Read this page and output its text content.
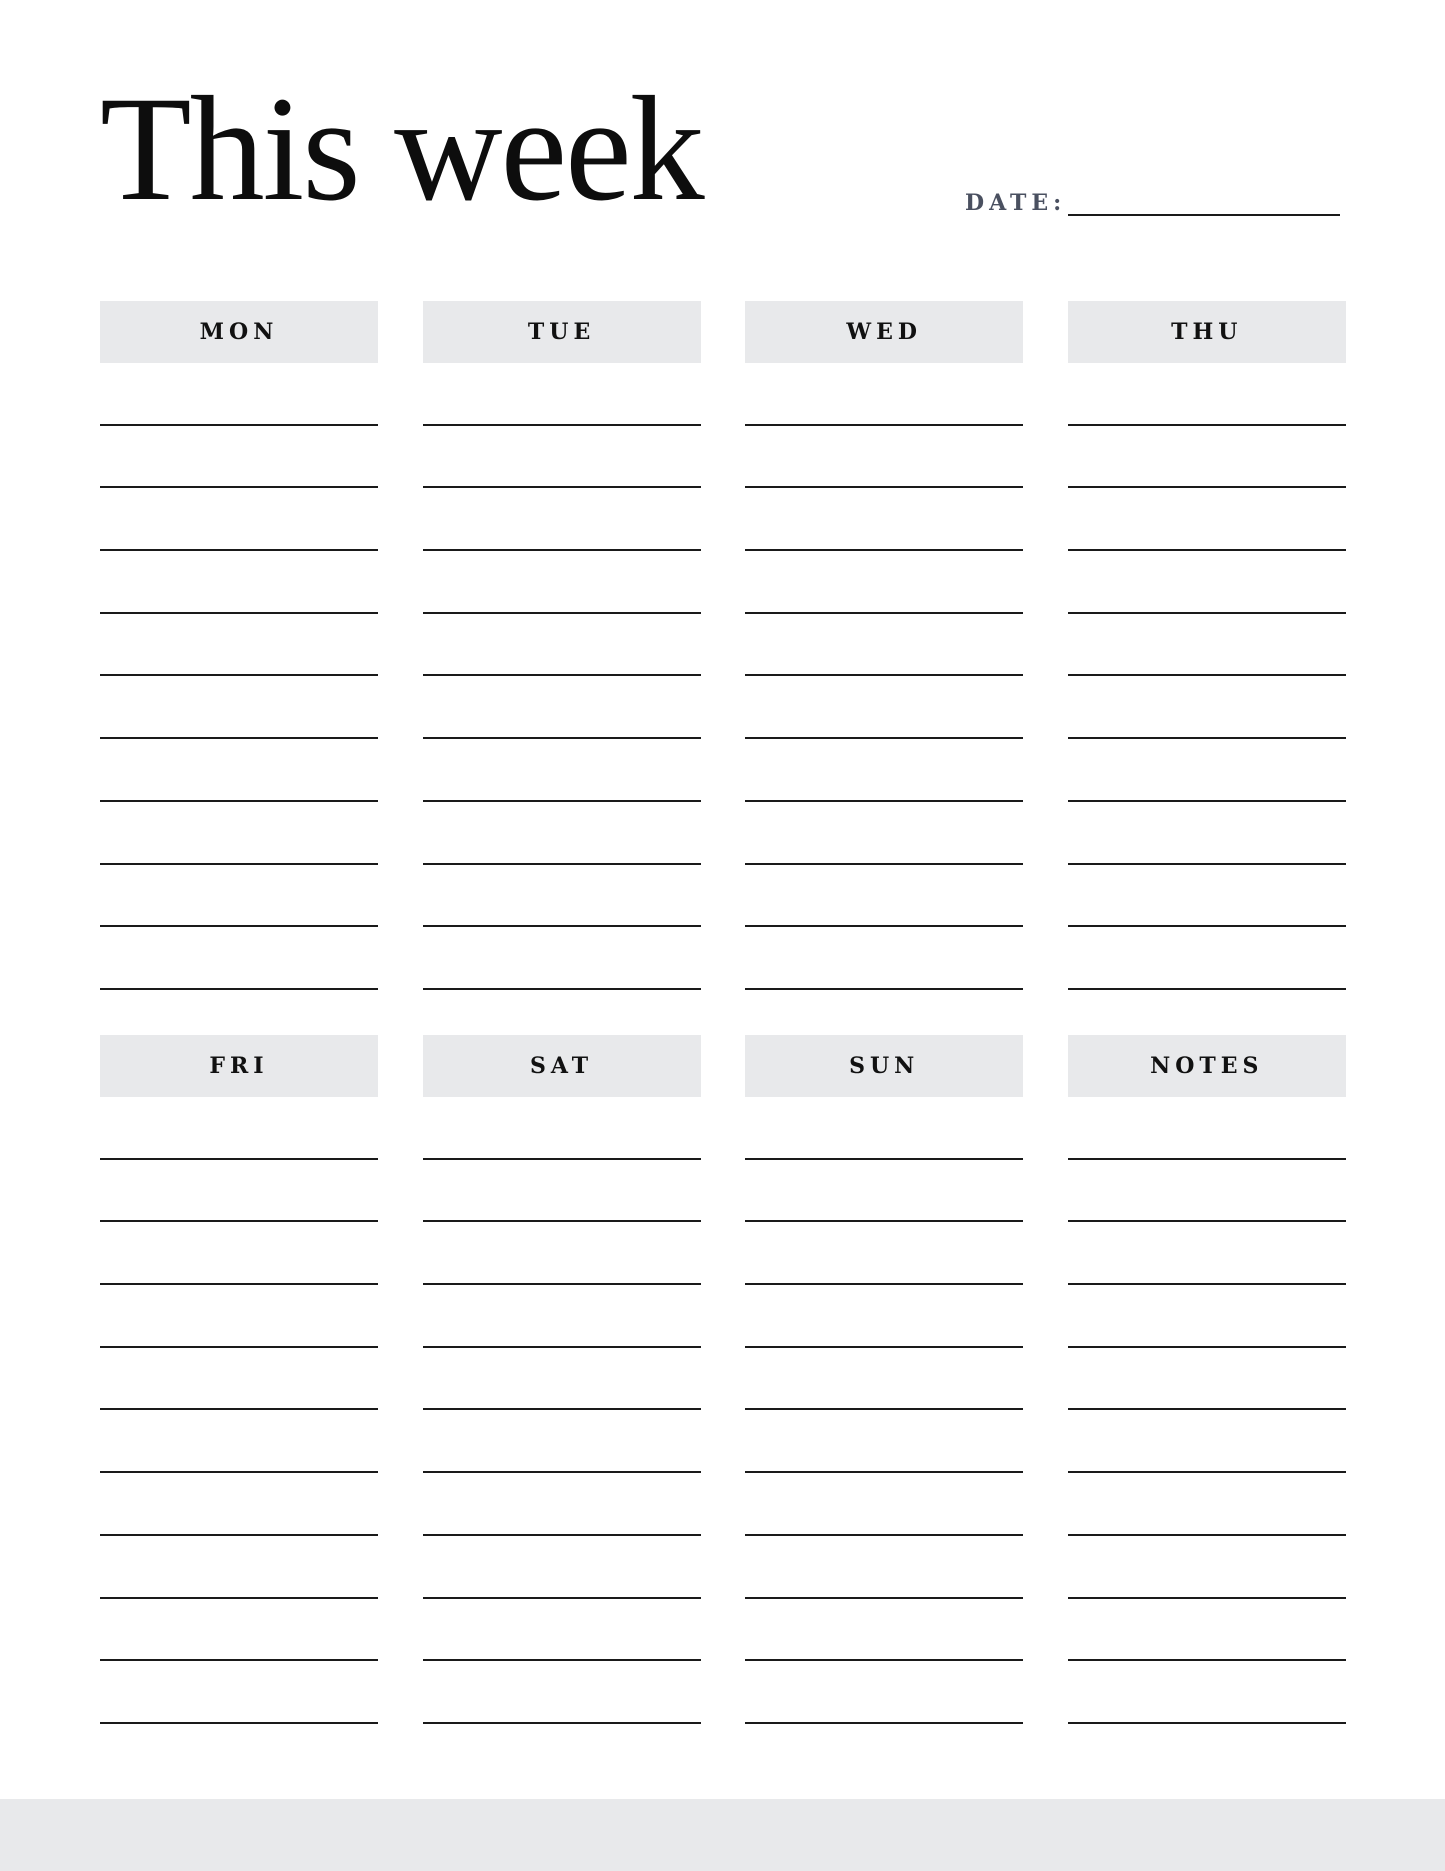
This week	DATE:
MON	TUE	WED	THU
FRI	SAT	SUN	NOTES
